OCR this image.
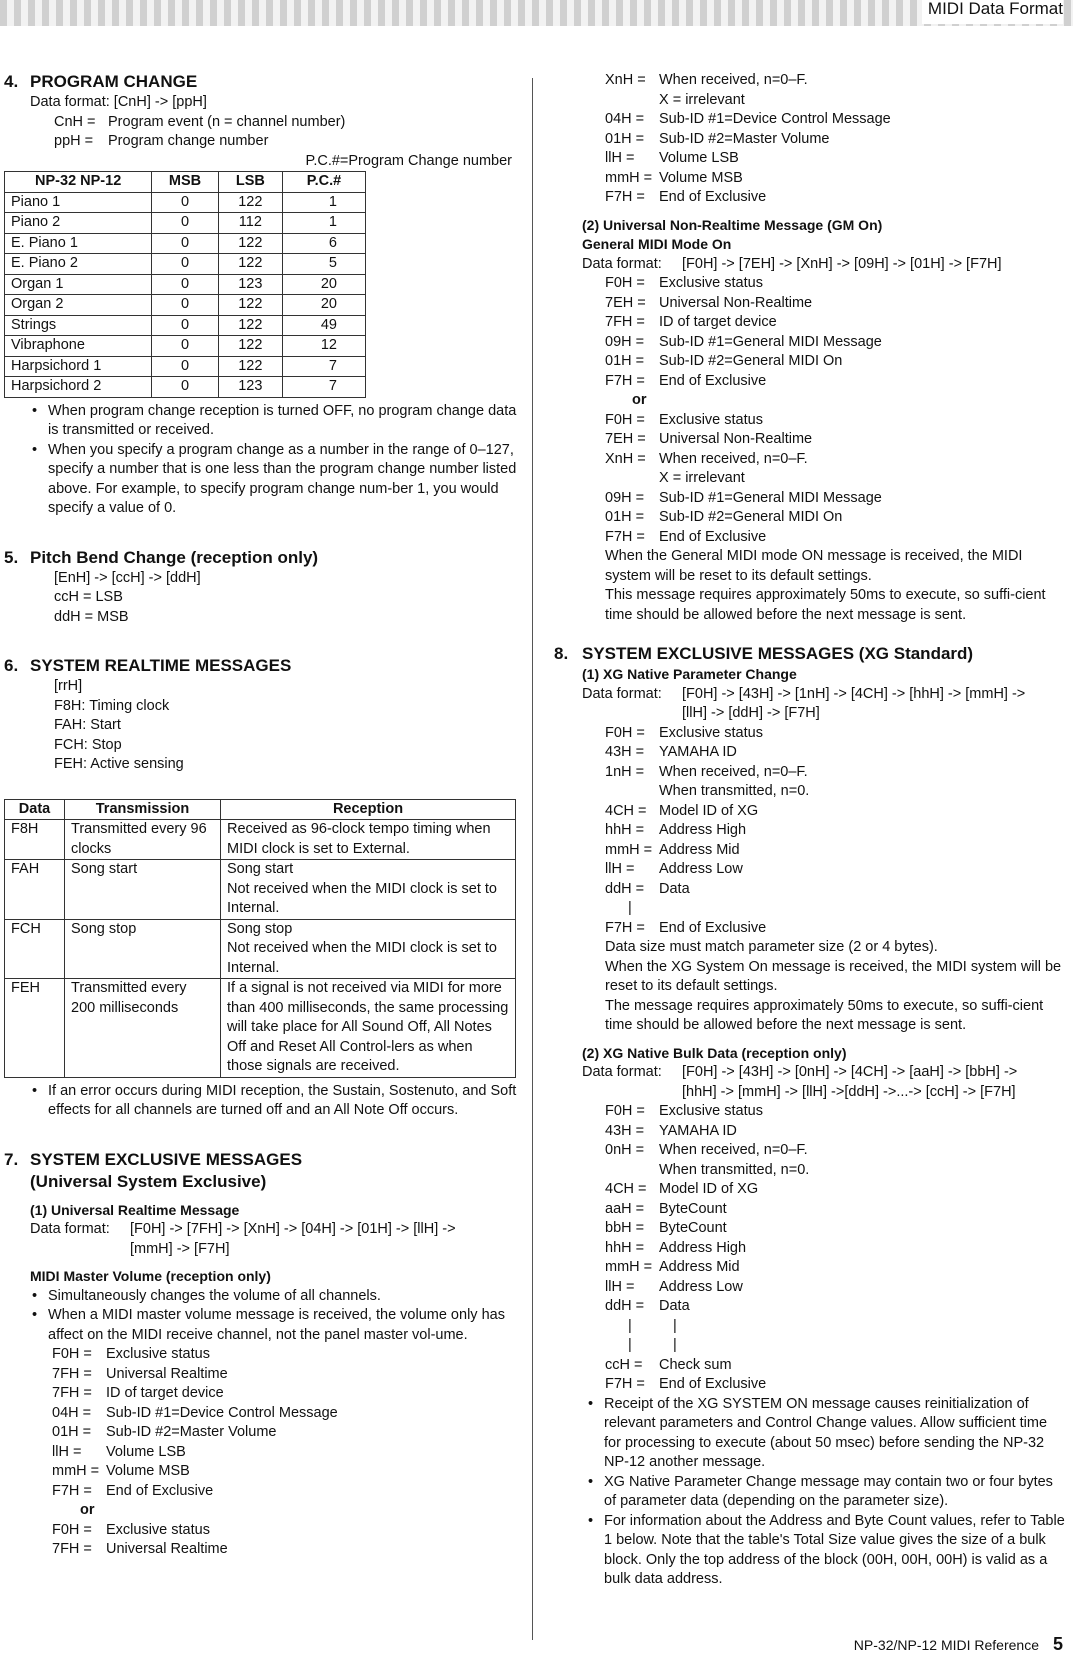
MIDI Data Format
4. PROGRAM CHANGE
Data format: [CnH] -> [ppH]
CnH = Program event (n = channel number)
ppH =	Program change number
P.C.#=Program Change number
NP-32 NP-12	MSB	LSB	P.C.#
Piano 1	0	122	1
Piano 2	0	112	1
E. Piano 1	0	122	6
E. Piano 2	0	122	5
Organ 1	0	123	20
Organ 2	0	122	20
Strings	0	122	49
Vibraphone	0	122	12
Harpsichord 1	0	122	7
Harpsichord 2	0	123	7
• When program change reception is turned OFF, no program change data is transmitted or received.
• When you specify a program change as a number in the range of 0–127, specify a number that is one less than the program change number listed above. For example, to specify program change num-ber 1, you would specify a value of 0.
5. Pitch Bend Change (reception only)
[EnH] -> [ccH] -> [ddH]
ccH = LSB
ddH = MSB
6. SYSTEM REALTIME MESSAGES
[rrH]
F8H: Timing clock
FAH: Start
FCH: Stop
FEH: Active sensing
Data	Transmission	Reception
F8H	Transmitted every 96 clocks	Received as 96-clock tempo timing when MIDI clock is set to External.
FAH	Song start	Song start
Not received when the MIDI clock is set to Internal.
FCH	Song stop	Song stop
Not received when the MIDI clock is set to Internal.
FEH	Transmitted every 200 milliseconds	If a signal is not received via MIDI for more than 400 milliseconds, the same processing will take place for All Sound Off, All Notes Off and Reset All Control-lers as when those signals are received.
• If an error occurs during MIDI reception, the Sustain, Sostenuto, and Soft effects for all channels are turned off and an All Note Off occurs.
7. SYSTEM EXCLUSIVE MESSAGES
(Universal System Exclusive)
(1) Universal Realtime Message
Data format:	[F0H] -> [7FH] -> [XnH] -> [04H] -> [01H] -> [llH] ->
[mmH] -> [F7H]
MIDI Master Volume (reception only)
• Simultaneously changes the volume of all channels.
• When a MIDI master volume message is received, the volume only has affect on the MIDI receive channel, not the panel master vol-ume.
F0H = Exclusive status
7FH = Universal Realtime
7FH = ID of target device
04H =	Sub-ID #1=Device Control Message
01H =	Sub-ID #2=Master Volume
llH =	Volume LSB
mmH = Volume MSB
F7H = End of Exclusive
or
F0H = Exclusive status
7FH = Universal Realtime
XnH = When received, n=0–F.
X = irrelevant
04H =	Sub-ID #1=Device Control Message
01H =	Sub-ID #2=Master Volume
llH =	Volume LSB
mmH = Volume MSB
F7H = End of Exclusive
(2) Universal Non-Realtime Message (GM On)
General MIDI Mode On
Data format:	[F0H] -> [7EH] -> [XnH] -> [09H] -> [01H] -> [F7H]
F0H = Exclusive status
7EH = Universal Non-Realtime
7FH = ID of target device
09H =	Sub-ID #1=General MIDI Message
01H =	Sub-ID #2=General MIDI On
F7H = End of Exclusive
or
F0H = Exclusive status
7EH = Universal Non-Realtime
XnH = When received, n=0–F.
X = irrelevant
09H =	Sub-ID #1=General MIDI Message
01H =	Sub-ID #2=General MIDI On
F7H = End of Exclusive
When the General MIDI mode ON message is received, the MIDI system will be reset to its default settings.
This message requires approximately 50ms to execute, so suffi-cient time should be allowed before the next message is sent.
8. SYSTEM EXCLUSIVE MESSAGES (XG Standard)
(1) XG Native Parameter Change
Data format:	[F0H] -> [43H] -> [1nH] -> [4CH] -> [hhH] -> [mmH] ->
[llH] -> [ddH] -> [F7H]
F0H = Exclusive status
43H =	YAMAHA ID
1nH =	When received, n=0–F.
When transmitted, n=0.
4CH = Model ID of XG
hhH =	Address High
mmH = Address Mid
llH =	Address Low
ddH =	Data
|
F7H = End of Exclusive
Data size must match parameter size (2 or 4 bytes).
When the XG System On message is received, the MIDI system will be reset to its default settings.
The message requires approximately 50ms to execute, so suffi-cient time should be allowed before the next message is sent.
(2) XG Native Bulk Data (reception only)
Data format:	[F0H] -> [43H] -> [0nH] -> [4CH] -> [aaH] -> [bbH] ->
[hhH] -> [mmH] -> [llH] ->[ddH] ->...-> [ccH] -> [F7H]
F0H = Exclusive status
43H =	YAMAHA ID
0nH =	When received, n=0–F.
When transmitted, n=0.
4CH = Model ID of XG
aaH =	ByteCount
bbH =	ByteCount
hhH =	Address High
mmH = Address Mid
llH =	Address Low
ddH =	Data
|	|
|	|
ccH =	Check sum
F7H = End of Exclusive
• Receipt of the XG SYSTEM ON message causes reinitialization of relevant parameters and Control Change values. Allow sufficient time for processing to execute (about 50 msec) before sending the NP-32 NP-12 another message.
• XG Native Parameter Change message may contain two or four bytes of parameter data (depending on the parameter size).
• For information about the Address and Byte Count values, refer to Table 1 below. Note that the table's Total Size value gives the size of a bulk block. Only the top address of the block (00H, 00H, 00H) is valid as a bulk data address.
NP-32/NP-12 MIDI Reference 5
